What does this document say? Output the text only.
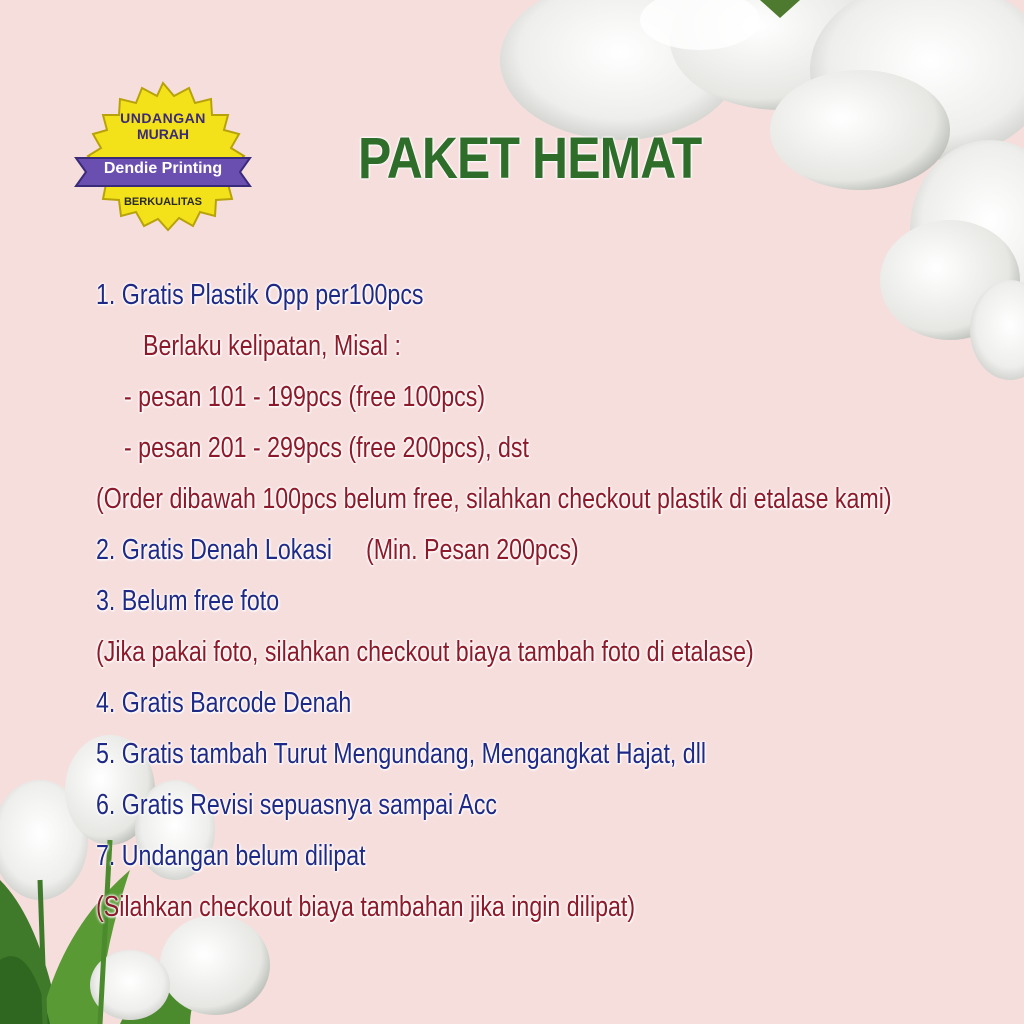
UNDANGAN
MURAH
Dendie Printing
BERKUALITAS
PAKET HEMAT
1. Gratis Plastik Opp per100pcs
Berlaku kelipatan, Misal :
- pesan 101 - 199pcs (free 100pcs)
- pesan 201 - 299pcs (free 200pcs), dst
(Order dibawah 100pcs belum free, silahkan checkout plastik di etalase kami)
2. Gratis Denah Lokasi (Min. Pesan 200pcs)
3. Belum free foto
(Jika pakai foto, silahkan checkout biaya tambah foto di etalase)
4. Gratis Barcode Denah
5. Gratis tambah Turut Mengundang, Mengangkat Hajat, dll
6. Gratis Revisi sepuasnya sampai Acc
7. Undangan belum dilipat
(Silahkan checkout biaya tambahan jika ingin dilipat)
